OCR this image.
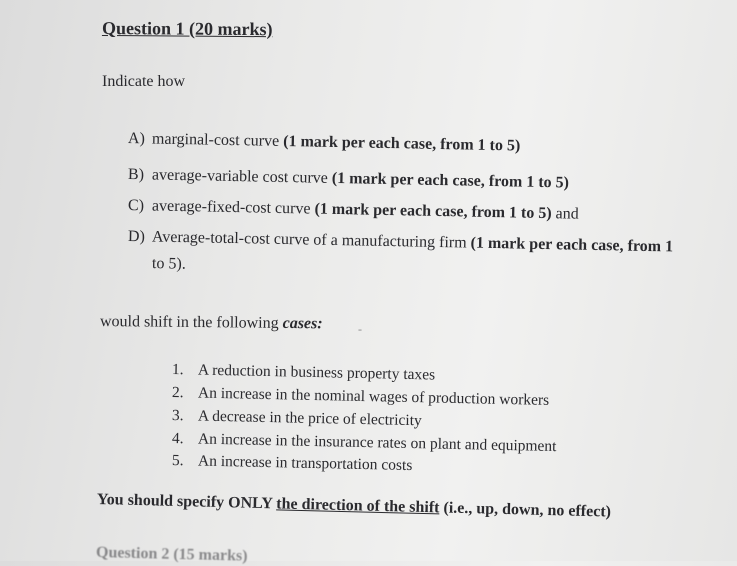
Question 1 (20 marks)
Indicate how
A) marginal-cost curve (1 mark per each case, from 1 to 5)
B) average-variable cost curve (1 mark per each case, from 1 to 5)
C) average-fixed-cost curve (1 mark per each case, from 1 to 5) and
D) Average-total-cost curve of a manufacturing firm (1 mark per each case, from 1
to 5).
would shift in the following cases:	-
1. A reduction in business property taxes
2. An increase in the nominal wages of production workers
3. A decrease in the price of electricity
4. An increase in the insurance rates on plant and equipment
5. An increase in transportation costs
You should specify ONLY the direction of the shift (i.e., up, down, no effect)
Question 2 (15 marks)
